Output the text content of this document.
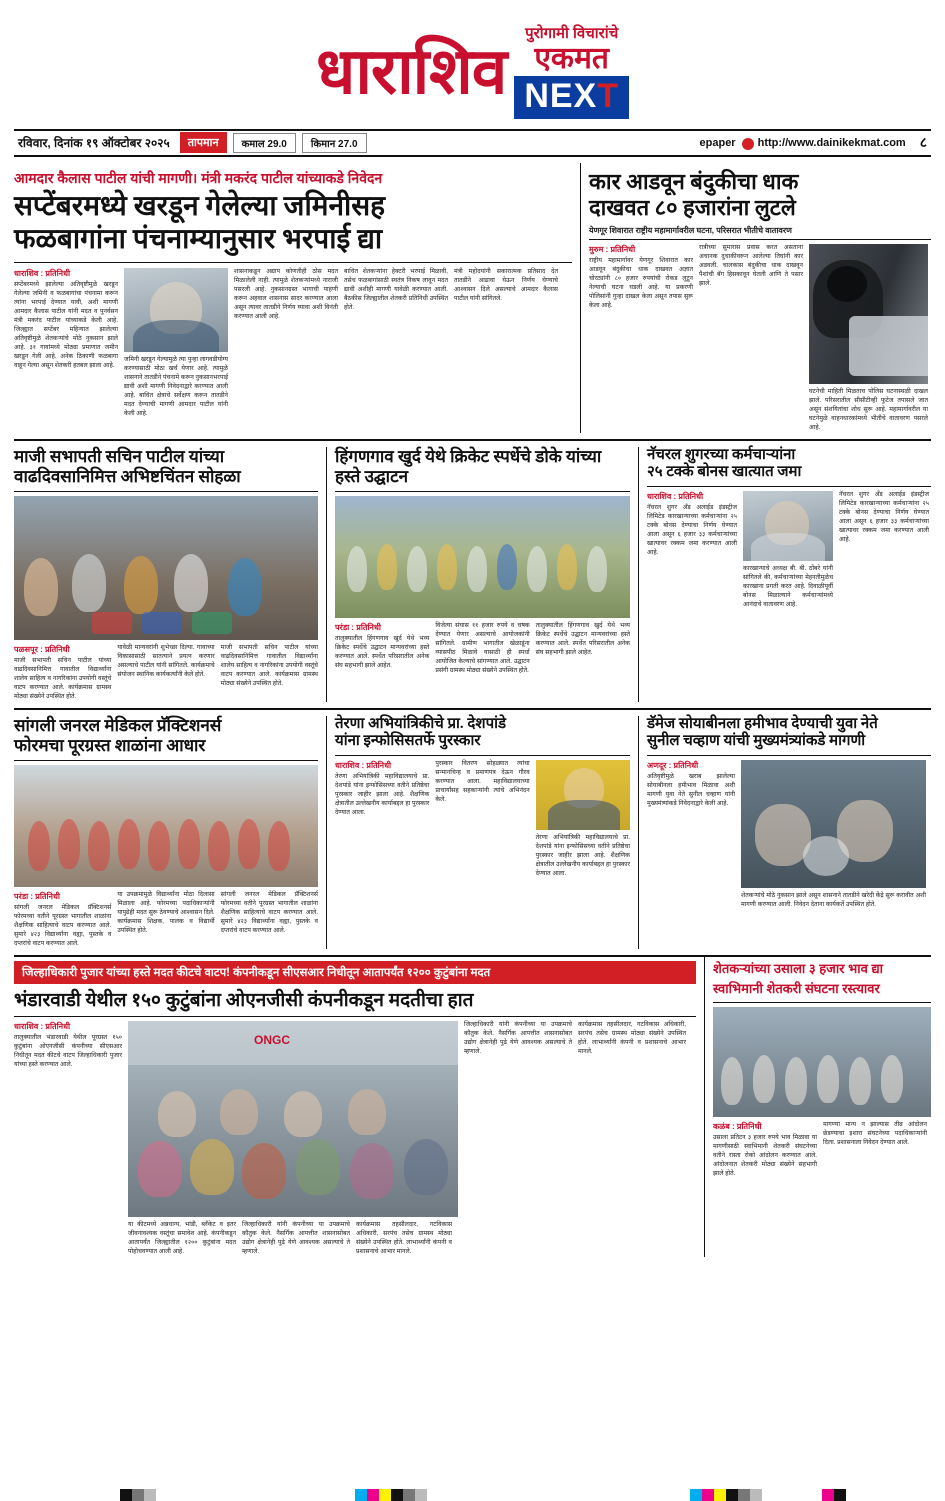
धाराशिव
पुरोगामी विचारांचे
एकमत
NEXT
रविवार, दिनांक १९ ऑक्टोबर २०२५	तापमान	कमाल 29.0	किमान 27.0	epaper http://www.dainikekmat.com	८
आमदार कैलास पाटील यांची मागणी। मंत्री मकरंद पाटील यांच्याकडे निवेदन
सप्टेंबरमध्ये खरडून गेलेल्या जमिनीसह
फळबागांना पंचनाम्यानुसार भरपाई द्या
धाराशिव : प्रतिनिधी
सप्टेंबरमध्ये झालेल्या अतिवृष्टीमुळे खरडून गेलेल्या जमिनी व फळबागांचा पंचनामा करून त्यांना भरपाई देण्यात यावी, अशी मागणी आमदार कैलास पाटील यांनी मदत व पुनर्वसन मंत्री मकरंद पाटील यांच्याकडे केली आहे. जिल्ह्यात सप्टेंबर महिन्यात झालेल्या अतिवृष्टीमुळे शेतकऱ्यांचे मोठे नुकसान झाले आहे. ३१ गावांमध्ये मोठ्या प्रमाणात जमीन खरडून गेली आहे. अनेक ठिकाणी फळबागा वाहून गेल्या असून शेतकरी हतबल झाला आहे.
जमिनी खरडून गेल्यामुळे त्या पुन्हा लागवडीयोग्य करण्यासाठी मोठा खर्च येणार आहे. त्यामुळे शासनाने तातडीने पंचनामे करून नुकसानभरपाई द्यावी अशी मागणी निवेदनाद्वारे करण्यात आली आहे. बाधित क्षेत्राचे सर्वेक्षण करून तातडीने मदत देण्याची मागणी आमदार पाटील यांनी केली आहे.
शासनाकडून अद्याप कोणतीही ठोस मदत मिळालेली नाही. त्यामुळे शेतकऱ्यांमध्ये नाराजी पसरली आहे. नुकसानग्रस्त भागाची पाहणी करून अहवाल शासनास सादर करण्यात आला असून त्यावर तातडीने निर्णय घ्यावा अशी विनंती करण्यात आली आहे.
बाधित शेतकऱ्यांना हेक्टरी भरपाई मिळावी, तसेच फळबागांसाठी स्वतंत्र निकष लावून मदत द्यावी अशीही मागणी यावेळी करण्यात आली. बैठकीस जिल्ह्यातील शेतकरी प्रतिनिधी उपस्थित होते.
मंत्री महोदयांनी सकारात्मक प्रतिसाद देत तातडीने आढावा घेऊन निर्णय घेण्याचे आश्वासन दिले असल्याचे आमदार कैलास पाटील यांनी सांगितले.
कार आडवून बंदुकीचा धाक
दाखवत ८० हजारांना लुटले
येणगूर शिवारात राष्ट्रीय महामार्गावरील घटना, परिसरात भीतीचे वातावरण
मुरुम : प्रतिनिधी
राष्ट्रीय महामार्गावर येणगूर शिवारात कार आडवून बंदुकीचा धाक दाखवत अज्ञात चोरट्यांनी ८० हजार रुपयांची रोकड लुटून नेल्याची घटना घडली आहे. या प्रकरणी पोलिसांनी गुन्हा दाखल केला असून तपास सुरू केला आहे.
रात्रीच्या सुमारास प्रवास करत असताना अचानक दुचाकीवरून आलेल्या तिघांनी कार अडवली. चालकास बंदुकीचा धाक दाखवून पैशांची बॅग हिसकावून घेतली आणि ते पसार झाले.
घटनेची माहिती मिळताच पोलिस घटनास्थळी दाखल झाले. परिसरातील सीसीटीव्ही फुटेज तपासले जात असून संशयितांचा शोध सुरू आहे. महामार्गावरील या घटनेमुळे वाहनधारकांमध्ये भीतीचे वातावरण पसरले आहे.
माजी सभापती सचिन पाटील यांच्या
वाढदिवसानिमित्त अभिष्टचिंतन सोहळा
पळसपूर : प्रतिनिधी
माजी सभापती सचिन पाटील यांच्या वाढदिवसानिमित्त गावातील विद्यार्थ्यांना शालेय साहित्य व नागरिकांना उपयोगी वस्तूंचे वाटप करण्यात आले. कार्यक्रमास ग्रामस्थ मोठ्या संख्येने उपस्थित होते.
यावेळी मान्यवरांनी शुभेच्छा दिल्या. गावाच्या विकासासाठी सातत्याने प्रयत्न करणार असल्याचे पाटील यांनी सांगितले. कार्यक्रमाचे संयोजन स्थानिक कार्यकर्त्यांनी केले होते.
माजी सभापती सचिन पाटील यांच्या वाढदिवसानिमित्त गावातील विद्यार्थ्यांना शालेय साहित्य व नागरिकांना उपयोगी वस्तूंचे वाटप करण्यात आले. कार्यक्रमास ग्रामस्थ मोठ्या संख्येने उपस्थित होते.
हिंगणगाव खुर्द येथे क्रिकेट स्पर्धेचे डोके यांच्या हस्ते उद्घाटन
परंडा : प्रतिनिधी
तालुक्यातील हिंगणगाव खुर्द येथे भव्य क्रिकेट स्पर्धेचे उद्घाटन मान्यवरांच्या हस्ते करण्यात आले. स्पर्धेत परिसरातील अनेक संघ सहभागी झाले आहेत.
विजेत्या संघास ११ हजार रुपये व चषक देण्यात येणार असल्याचे आयोजकांनी सांगितले. ग्रामीण भागातील खेळाडूंना व्यासपीठ मिळावे यासाठी ही स्पर्धा आयोजित केल्याचे सांगण्यात आले. उद्घाटन प्रसंगी ग्रामस्थ मोठ्या संख्येने उपस्थित होते.
तालुक्यातील हिंगणगाव खुर्द येथे भव्य क्रिकेट स्पर्धेचे उद्घाटन मान्यवरांच्या हस्ते करण्यात आले. स्पर्धेत परिसरातील अनेक संघ सहभागी झाले आहेत.
नॅचरल शुगरच्या कर्मचाऱ्यांना
२५ टक्के बोनस खात्यात जमा
धाराशिव : प्रतिनिधी
नॅचरल शुगर अँड अलाईड इंडस्ट्रीज लिमिटेड कारखान्याच्या कर्मचाऱ्यांना २५ टक्के बोनस देण्याचा निर्णय घेण्यात आला असून ६ हजार ३३ कर्मचाऱ्यांच्या खात्यावर रक्कम जमा करण्यात आली आहे.
कारखान्याचे अध्यक्ष बी. बी. ठोंबरे यांनी सांगितले की, कर्मचाऱ्यांच्या मेहनतीमुळेच कारखाना प्रगती करत आहे. दिवाळीपूर्वी बोनस मिळाल्याने कर्मचाऱ्यांमध्ये आनंदाचे वातावरण आहे.
नॅचरल शुगर अँड अलाईड इंडस्ट्रीज लिमिटेड कारखान्याच्या कर्मचाऱ्यांना २५ टक्के बोनस देण्याचा निर्णय घेण्यात आला असून ६ हजार ३३ कर्मचाऱ्यांच्या खात्यावर रक्कम जमा करण्यात आली आहे.
सांगली जनरल मेडिकल प्रॅक्टिशनर्स
फोरमचा पूरग्रस्त शाळांना आधार
परंडा : प्रतिनिधी
सांगली जनरल मेडिकल प्रॅक्टिशनर्स फोरमच्या वतीने पूरग्रस्त भागातील शाळांना शैक्षणिक साहित्याचे वाटप करण्यात आले. सुमारे ४२३ विद्यार्थ्यांना वह्या, पुस्तके व दप्तरांचे वाटप करण्यात आले.
या उपक्रमामुळे विद्यार्थ्यांना मोठा दिलासा मिळाला आहे. फोरमच्या पदाधिकाऱ्यांनी यापुढेही मदत सुरू ठेवण्याचे आश्वासन दिले. कार्यक्रमास शिक्षक, पालक व विद्यार्थी उपस्थित होते.
सांगली जनरल मेडिकल प्रॅक्टिशनर्स फोरमच्या वतीने पूरग्रस्त भागातील शाळांना शैक्षणिक साहित्याचे वाटप करण्यात आले. सुमारे ४२३ विद्यार्थ्यांना वह्या, पुस्तके व दप्तरांचे वाटप करण्यात आले.
तेरणा अभियांत्रिकीचे प्रा. देशपांडे
यांना इन्फोसिसतर्फे पुरस्कार
धाराशिव : प्रतिनिधी
तेरणा अभियांत्रिकी महाविद्यालयाचे प्रा. देशपांडे यांना इन्फोसिसच्या वतीने प्रतिष्ठेचा पुरस्कार जाहीर झाला आहे. शैक्षणिक क्षेत्रातील उल्लेखनीय कार्याबद्दल हा पुरस्कार देण्यात आला.
पुरस्कार वितरण सोहळ्यात त्यांचा सन्मानचिन्ह व प्रमाणपत्र देऊन गौरव करण्यात आला. महाविद्यालयाच्या प्राचार्यांसह सहकाऱ्यांनी त्यांचे अभिनंदन केले.
तेरणा अभियांत्रिकी महाविद्यालयाचे प्रा. देशपांडे यांना इन्फोसिसच्या वतीने प्रतिष्ठेचा पुरस्कार जाहीर झाला आहे. शैक्षणिक क्षेत्रातील उल्लेखनीय कार्याबद्दल हा पुरस्कार देण्यात आला.
डॅमेज सोयाबीनला हमीभाव देण्याची युवा नेते
सुनील चव्हाण यांची मुख्यमंत्र्यांकडे मागणी
अणदूर : प्रतिनिधी
अतिवृष्टीमुळे खराब झालेल्या सोयाबीनला हमीभाव मिळावा अशी मागणी युवा नेते सुनील चव्हाण यांनी मुख्यमंत्र्यांकडे निवेदनाद्वारे केली आहे.
शेतकऱ्यांचे मोठे नुकसान झाले असून शासनाने तातडीने खरेदी केंद्रे सुरू करावीत अशी मागणी करण्यात आली. निवेदन देताना कार्यकर्ते उपस्थित होते.
जिल्हाधिकारी पुजार यांच्या हस्ते मदत कीटचे वाटप! कंपनीकडून सीएसआर निधीतून आतापर्यंत १२०० कुटुंबांना मदत
भंडारवाडी येथील १५० कुटुंबांना ओएनजीसी कंपनीकडून मदतीचा हात
धाराशिव : प्रतिनिधी
तालुक्यातील भंडारवाडी येथील पूरग्रस्त १५० कुटुंबांना ओएनजीसी कंपनीच्या सीएसआर निधीतून मदत कीटचे वाटप जिल्हाधिकारी पुजार यांच्या हस्ते करण्यात आले.
ONGC
या कीटमध्ये अन्नधान्य, भांडी, ब्लँकेट व इतर जीवनावश्यक वस्तूंचा समावेश आहे. कंपनीकडून आतापर्यंत जिल्ह्यातील १२०० कुटुंबांना मदत पोहोचवण्यात आली आहे.
जिल्हाधिकारी यांनी कंपनीच्या या उपक्रमाचे कौतुक केले. नैसर्गिक आपत्तीत शासनासोबत उद्योग क्षेत्रानेही पुढे येणे आवश्यक असल्याचे ते म्हणाले.
कार्यक्रमास तहसीलदार, गटविकास अधिकारी, सरपंच तसेच ग्रामस्थ मोठ्या संख्येने उपस्थित होते. लाभार्थ्यांनी कंपनी व प्रशासनाचे आभार मानले.
जिल्हाधिकारी यांनी कंपनीच्या या उपक्रमाचे कौतुक केले. नैसर्गिक आपत्तीत शासनासोबत उद्योग क्षेत्रानेही पुढे येणे आवश्यक असल्याचे ते म्हणाले.
कार्यक्रमास तहसीलदार, गटविकास अधिकारी, सरपंच तसेच ग्रामस्थ मोठ्या संख्येने उपस्थित होते. लाभार्थ्यांनी कंपनी व प्रशासनाचे आभार मानले.
शेतकऱ्यांच्या उसाला ३ हजार भाव द्या
स्वाभिमानी शेतकरी संघटना रस्त्यावर
कळंब : प्रतिनिधी
उसाला प्रतिटन ३ हजार रुपये भाव मिळावा या मागणीसाठी स्वाभिमानी शेतकरी संघटनेच्या वतीने रास्ता रोको आंदोलन करण्यात आले. आंदोलनात शेतकरी मोठ्या संख्येने सहभागी झाले होते.
मागण्या मान्य न झाल्यास तीव्र आंदोलन छेडण्याचा इशारा संघटनेच्या पदाधिकाऱ्यांनी दिला. प्रशासनाला निवेदन देण्यात आले.
